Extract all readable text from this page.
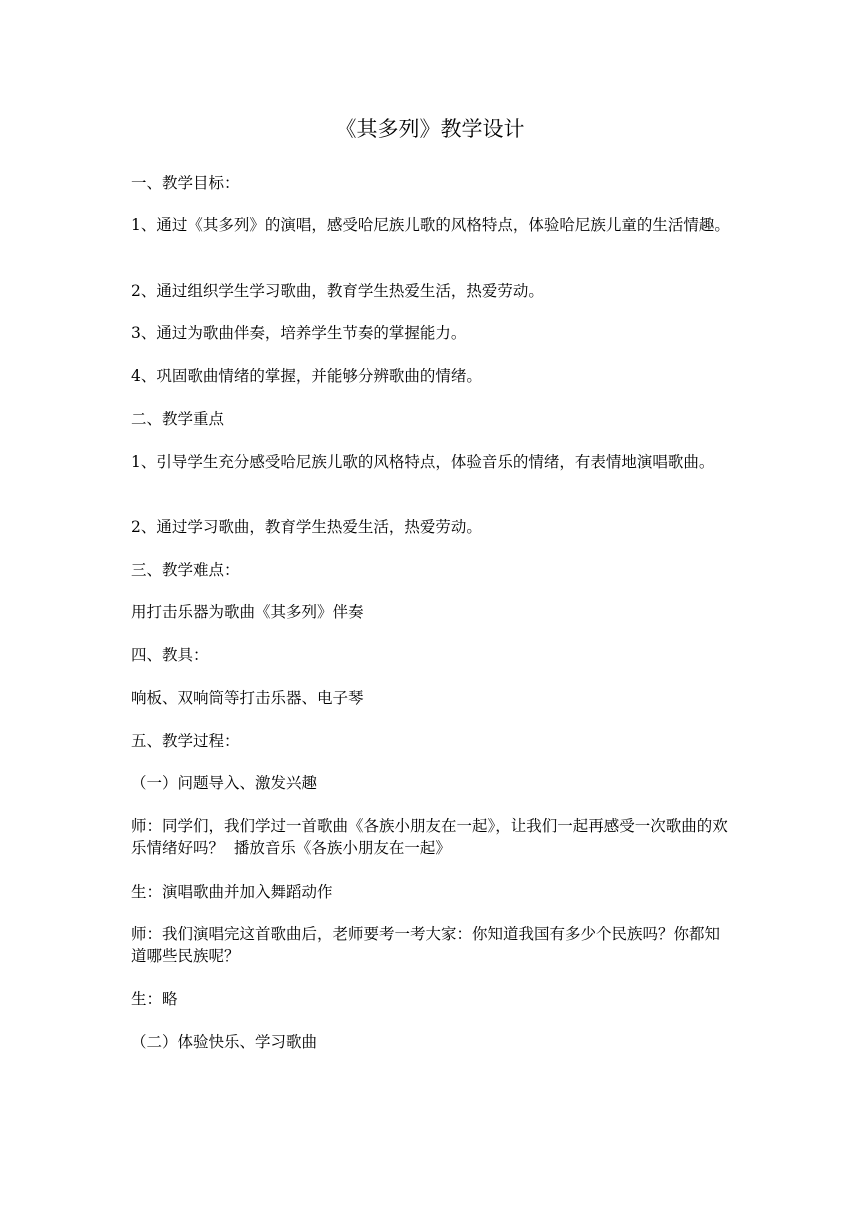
《其多列》教学设计

一、教学目标：

1、通过《其多列》的演唱，感受哈尼族儿歌的风格特点，体验哈尼族儿童的生活情趣。

2、通过组织学生学习歌曲，教育学生热爱生活，热爱劳动。

3、通过为歌曲伴奏，培养学生节奏的掌握能力。

4、巩固歌曲情绪的掌握，并能够分辨歌曲的情绪。

二、教学重点

1、引导学生充分感受哈尼族儿歌的风格特点，体验音乐的情绪，有表情地演唱歌曲。

2、通过学习歌曲，教育学生热爱生活，热爱劳动。

三、教学难点：

用打击乐器为歌曲《其多列》伴奏

四、教具：

响板、双响筒等打击乐器、电子琴

五、教学过程：

（一）问题导入、激发兴趣

师：同学们，我们学过一首歌曲《各族小朋友在一起》，让我们一起再感受一次歌曲的欢乐情绪好吗？  播放音乐《各族小朋友在一起》

生：演唱歌曲并加入舞蹈动作

师：我们演唱完这首歌曲后，老师要考一考大家：你知道我国有多少个民族吗？你都知道哪些民族呢？

生：略

（二）体验快乐、学习歌曲
